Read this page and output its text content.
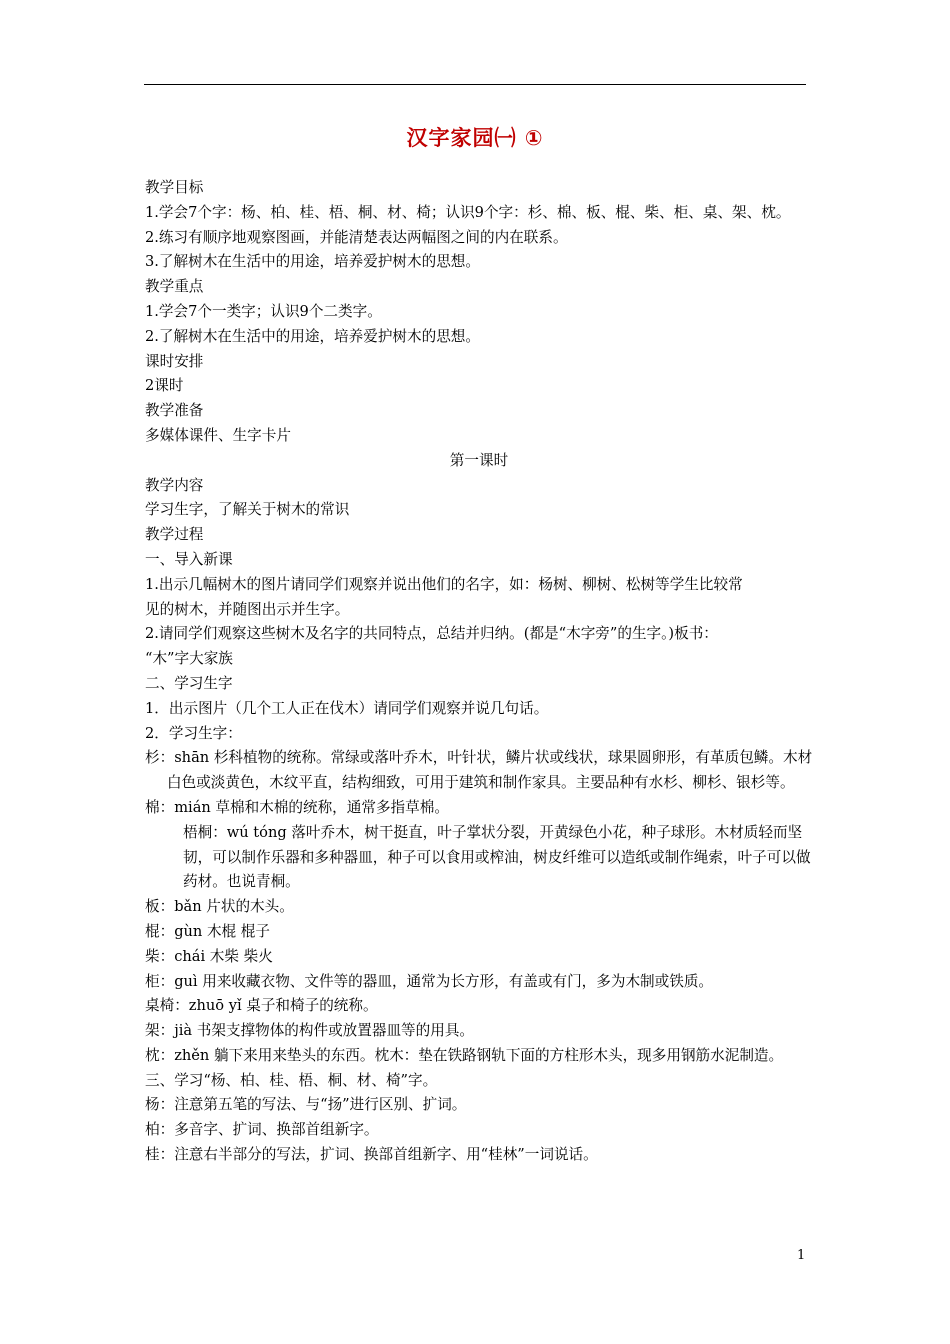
汉字家园㈠ ①
教学目标
1.学会7个字：杨、柏、桂、梧、桐、材、椅；认识9个字：杉、棉、板、棍、柴、柜、桌、架、枕。
2.练习有顺序地观察图画，并能清楚表达两幅图之间的内在联系。
3.了解树木在生活中的用途，培养爱护树木的思想。
教学重点
1.学会7个一类字；认识9个二类字。
2.了解树木在生活中的用途，培养爱护树木的思想。
课时安排
2课时
教学准备
多媒体课件、生字卡片
第一课时
教学内容
学习生字，了解关于树木的常识
教学过程
一、导入新课
1.出示几幅树木的图片请同学们观察并说出他们的名字，如：杨树、柳树、松树等学生比较常
见的树木，并随图出示并生字。
2.请同学们观察这些树木及名字的共同特点，总结并归纳。(都是“木字旁”的生字。)板书：
“木”字大家族
二、学习生字
1．出示图片（几个工人正在伐木）请同学们观察并说几句话。
2．学习生字：
杉：shān 杉科植物的统称。常绿或落叶乔木，叶针状，鳞片状或线状，球果圆卵形，有革质包鳞。木材白色或淡黄色，木纹平直，结构细致，可用于建筑和制作家具。主要品种有水杉、柳杉、银杉等。
棉：mián 草棉和木棉的统称，通常多指草棉。
梧桐：wú tóng 落叶乔木，树干挺直，叶子掌状分裂，开黄绿色小花，种子球形。木材质轻而坚韧，可以制作乐器和多种器皿，种子可以食用或榨油，树皮纤维可以造纸或制作绳索，叶子可以做药材。也说青桐。
板：bǎn 片状的木头。
棍：gùn 木棍 棍子
柴：chái 木柴 柴火
柜：guì 用来收藏衣物、文件等的器皿，通常为长方形，有盖或有门，多为木制或铁质。
桌椅：zhuō yǐ 桌子和椅子的统称。
架：jià 书架支撑物体的构件或放置器皿等的用具。
枕：zhěn 躺下来用来垫头的东西。枕木：垫在铁路钢轨下面的方柱形木头，现多用钢筋水泥制造。
三、学习“杨、柏、桂、梧、桐、材、椅”字。
杨：注意第五笔的写法、与“扬”进行区别、扩词。
柏：多音字、扩词、换部首组新字。
桂：注意右半部分的写法，扩词、换部首组新字、用“桂林”一词说话。
1
